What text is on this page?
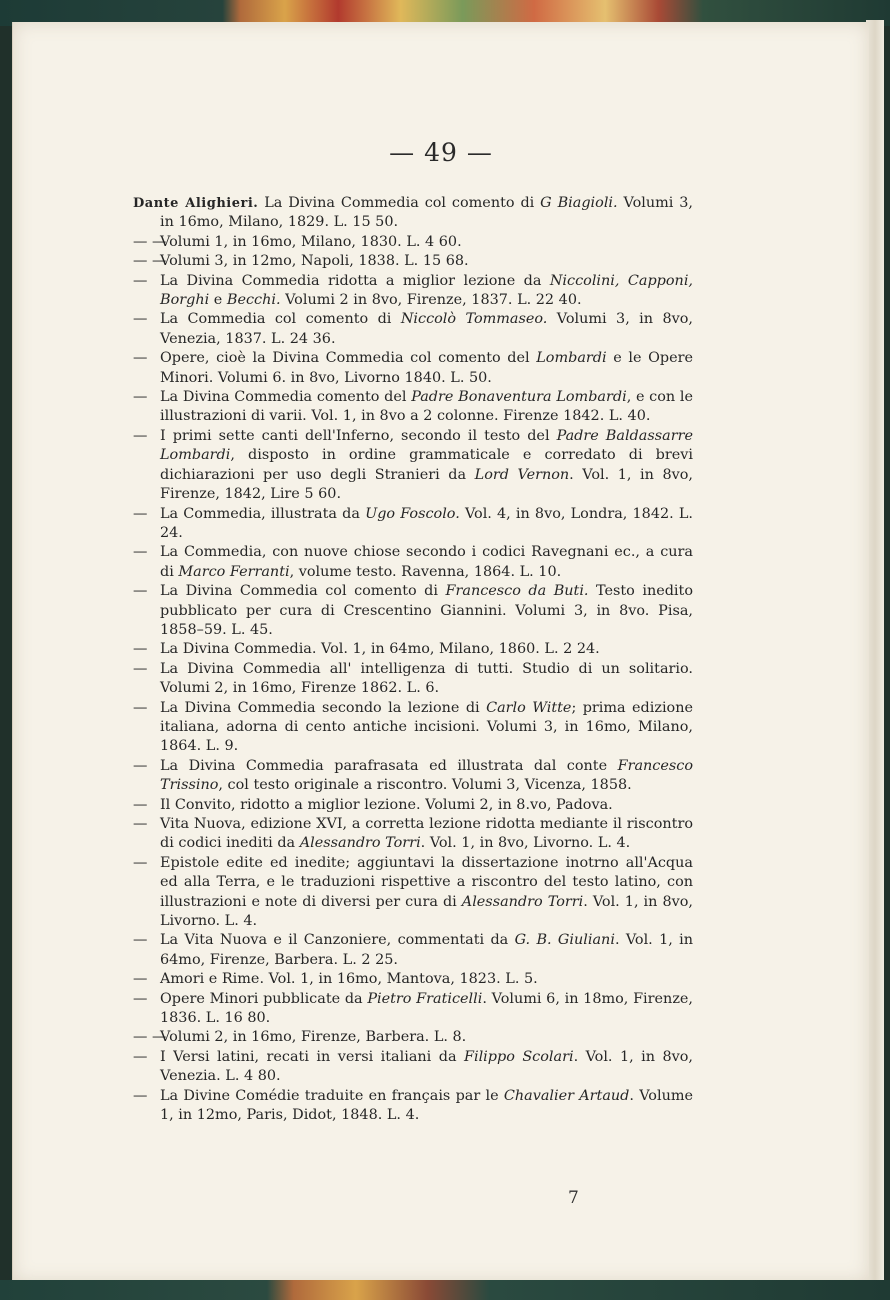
— 49 —
Dante Alighieri. La Divina Commedia col comento di G Biagioli. Volumi 3, in 16mo, Milano, 1829. L. 15 50.
— —
Volumi 1, in 16mo, Milano, 1830. L. 4 60.
— —
Volumi 3, in 12mo, Napoli, 1838. L. 15 68.
— La Divina Commedia ridotta a miglior lezione da Niccolini, Capponi, Borghi e Becchi. Volumi 2 in 8vo, Firenze, 1837. L. 22 40.
— La Commedia col comento di Niccolò Tommaseo. Volumi 3, in 8vo, Venezia, 1837. L. 24 36.
— Opere, cioè la Divina Commedia col comento del Lombardi e le Opere Minori. Volumi 6. in 8vo, Livorno 1840. L. 50.
— La Divina Commedia comento del Padre Bonaventura Lombardi, e con le illustrazioni di varii. Vol. 1, in 8vo a 2 colonne. Firenze 1842. L. 40.
— I primi sette canti dell'Inferno, secondo il testo del Padre Baldassarre Lombardi, disposto in ordine grammaticale e corredato di brevi dichiarazioni per uso degli Stranieri da Lord Vernon. Vol. 1, in 8vo, Firenze, 1842, Lire 5 60.
— La Commedia, illustrata da Ugo Foscolo. Vol. 4, in 8vo, Londra, 1842. L. 24.
— La Commedia, con nuove chiose secondo i codici Ravegnani ec., a cura di Marco Ferranti, volume testo. Ravenna, 1864. L. 10.
— La Divina Commedia col comento di Francesco da Buti. Testo inedito pubblicato per cura di Crescentino Giannini. Volumi 3, in 8vo. Pisa, 1858–59. L. 45.
— La Divina Commedia. Vol. 1, in 64mo, Milano, 1860. L. 2 24.
— La Divina Commedia all' intelligenza di tutti. Studio di un solitario. Volumi 2, in 16mo, Firenze 1862. L. 6.
— La Divina Commedia secondo la lezione di Carlo Witte; prima edizione italiana, adorna di cento antiche incisioni. Volumi 3, in 16mo, Milano, 1864. L. 9.
— La Divina Commedia parafrasata ed illustrata dal conte Francesco Trissino, col testo originale a riscontro. Volumi 3, Vicenza, 1858.
— Il Convito, ridotto a miglior lezione. Volumi 2, in 8.vo, Padova.
— Vita Nuova, edizione XVI, a corretta lezione ridotta mediante il riscontro di codici inediti da Alessandro Torri. Vol. 1, in 8vo, Livorno. L. 4.
— Epistole edite ed inedite; aggiuntavi la dissertazione inotrno all'Acqua ed alla Terra, e le traduzioni rispettive a riscontro del testo latino, con illustrazioni e note di diversi per cura di Alessandro Torri. Vol. 1, in 8vo, Livorno. L. 4.
— La Vita Nuova e il Canzoniere, commentati da G. B. Giuliani. Vol. 1, in 64mo, Firenze, Barbera. L. 2 25.
— Amori e Rime. Vol. 1, in 16mo, Mantova, 1823. L. 5.
— Opere Minori pubblicate da Pietro Fraticelli. Volumi 6, in 18mo, Firenze, 1836. L. 16 80.
— —
Volumi 2, in 16mo, Firenze, Barbera. L. 8.
— I Versi latini, recati in versi italiani da Filippo Scolari. Vol. 1, in 8vo, Venezia. L. 4 80.
— La Divine Comédie traduite en français par le Chavalier Artaud. Volume 1, in 12mo, Paris, Didot, 1848. L. 4.
7
